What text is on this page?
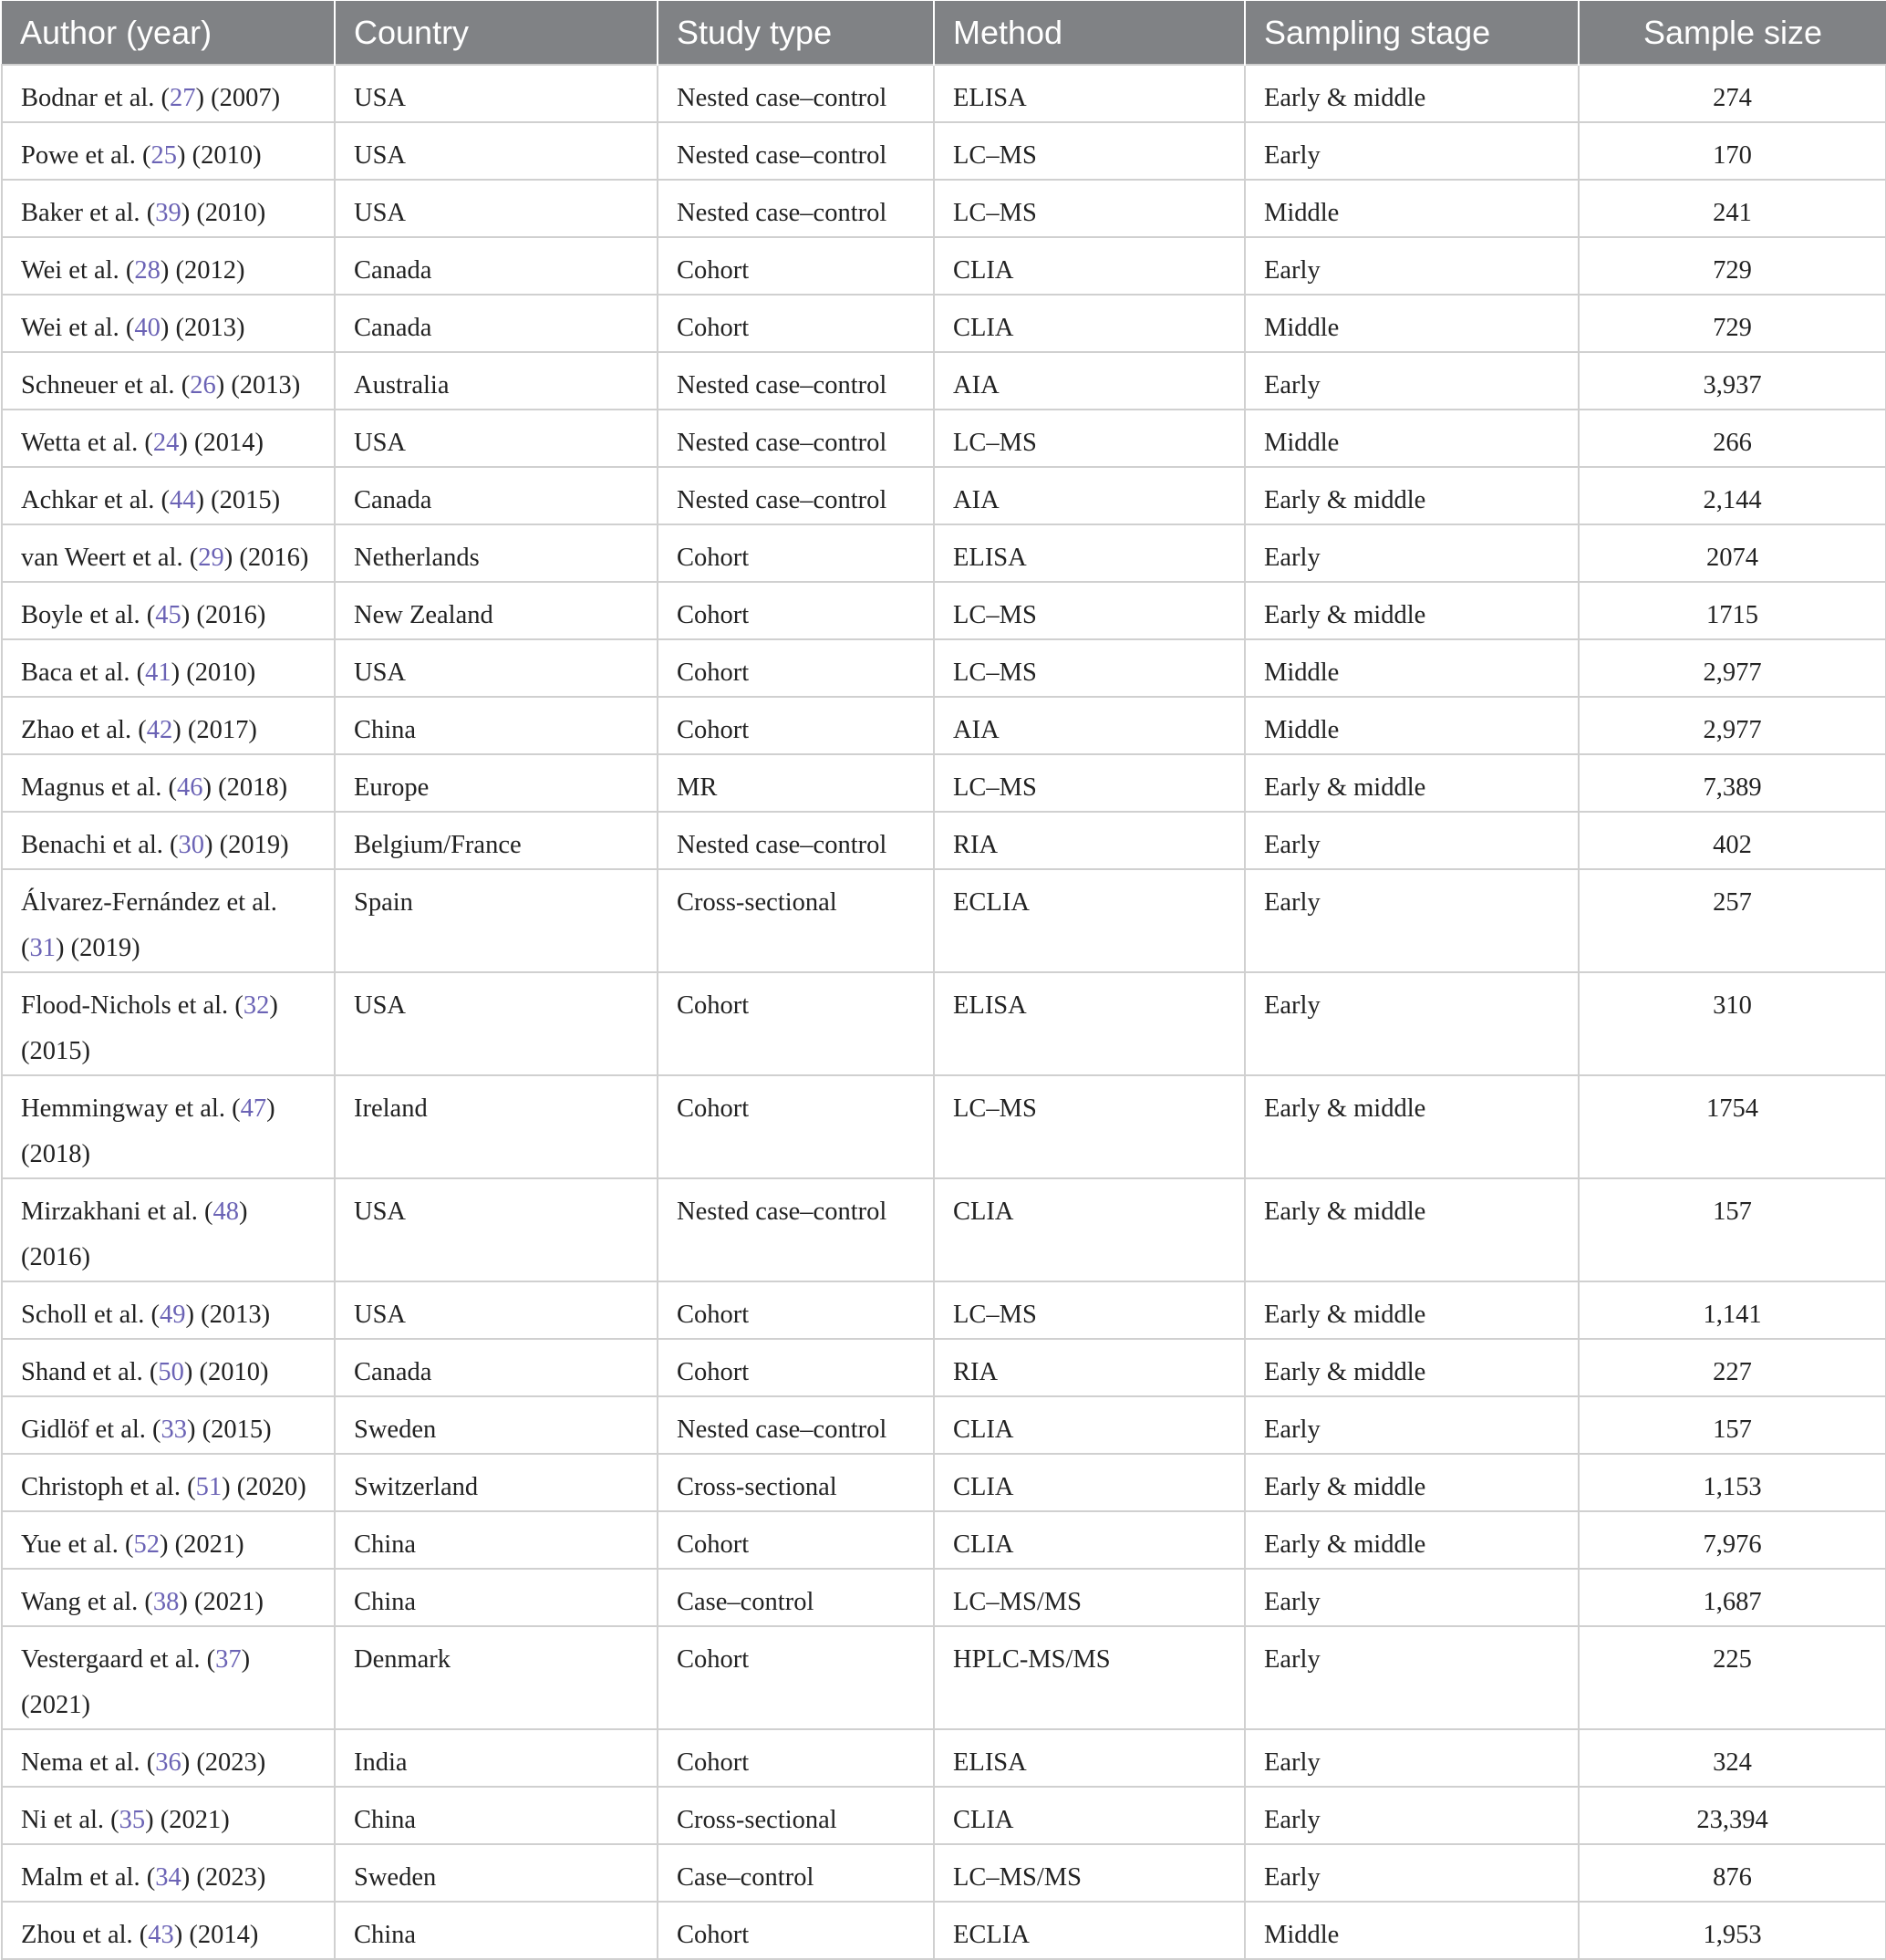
Author (year)	Country	Study type	Method	Sampling stage	Sample size
Bodnar et al. (27) (2007)	USA	Nested case–control	ELISA	Early & middle	274
Powe et al. (25) (2010)	USA	Nested case–control	LC–MS	Early	170
Baker et al. (39) (2010)	USA	Nested case–control	LC–MS	Middle	241
Wei et al. (28) (2012)	Canada	Cohort	CLIA	Early	729
Wei et al. (40) (2013)	Canada	Cohort	CLIA	Middle	729
Schneuer et al. (26) (2013)	Australia	Nested case–control	AIA	Early	3,937
Wetta et al. (24) (2014)	USA	Nested case–control	LC–MS	Middle	266
Achkar et al. (44) (2015)	Canada	Nested case–control	AIA	Early & middle	2,144
van Weert et al. (29) (2016)	Netherlands	Cohort	ELISA	Early	2074
Boyle et al. (45) (2016)	New Zealand	Cohort	LC–MS	Early & middle	1715
Baca et al. (41) (2010)	USA	Cohort	LC–MS	Middle	2,977
Zhao et al. (42) (2017)	China	Cohort	AIA	Middle	2,977
Magnus et al. (46) (2018)	Europe	MR	LC–MS	Early & middle	7,389
Benachi et al. (30) (2019)	Belgium/France	Nested case–control	RIA	Early	402
Álvarez-Fernández et al. (31) (2019)	Spain	Cross-sectional	ECLIA	Early	257
Flood-Nichols et al. (32) (2015)	USA	Cohort	ELISA	Early	310
Hemmingway et al. (47) (2018)	Ireland	Cohort	LC–MS	Early & middle	1754
Mirzakhani et al. (48) (2016)	USA	Nested case–control	CLIA	Early & middle	157
Scholl et al. (49) (2013)	USA	Cohort	LC–MS	Early & middle	1,141
Shand et al. (50) (2010)	Canada	Cohort	RIA	Early & middle	227
Gidlöf et al. (33) (2015)	Sweden	Nested case–control	CLIA	Early	157
Christoph et al. (51) (2020)	Switzerland	Cross-sectional	CLIA	Early & middle	1,153
Yue et al. (52) (2021)	China	Cohort	CLIA	Early & middle	7,976
Wang et al. (38) (2021)	China	Case–control	LC–MS/MS	Early	1,687
Vestergaard et al. (37) (2021)	Denmark	Cohort	HPLC-MS/MS	Early	225
Nema et al. (36) (2023)	India	Cohort	ELISA	Early	324
Ni et al. (35) (2021)	China	Cross-sectional	CLIA	Early	23,394
Malm et al. (34) (2023)	Sweden	Case–control	LC–MS/MS	Early	876
Zhou et al. (43) (2014)	China	Cohort	ECLIA	Middle	1,953
